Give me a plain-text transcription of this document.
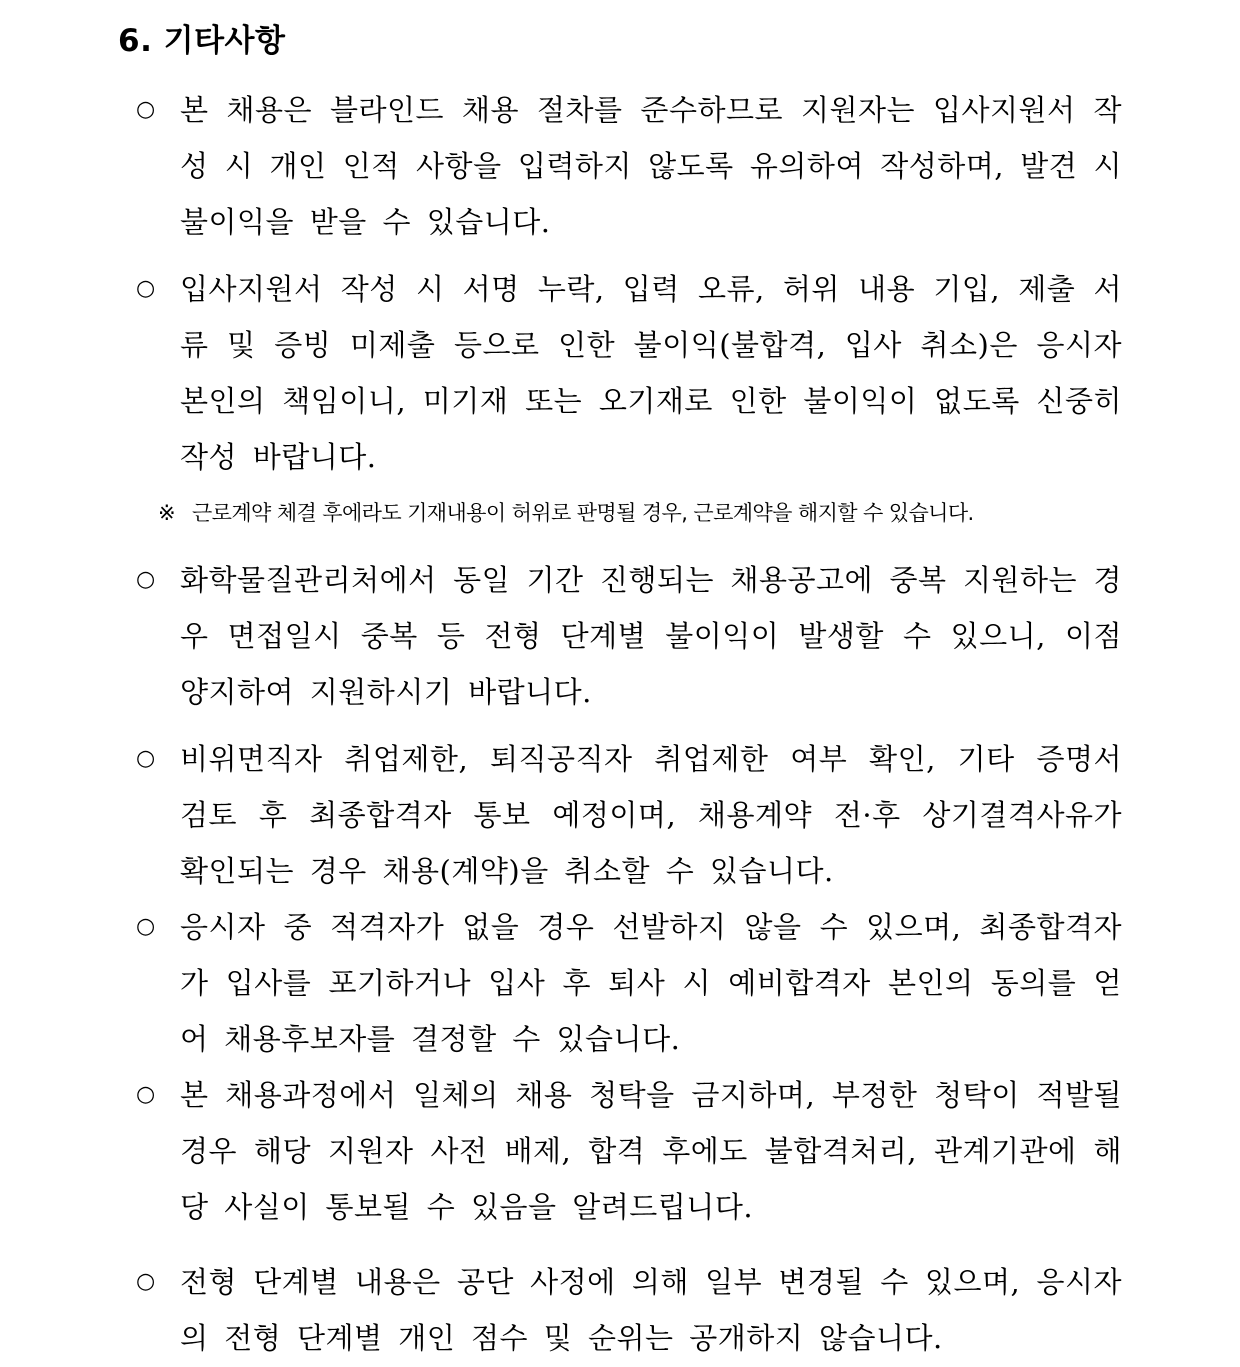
6. 기타사항
○ 본 채용은 블라인드 채용 절차를 준수하므로 지원자는 입사지원서 작성 시 개인 인적 사항을 입력하지 않도록 유의하여 작성하며, 발견 시 불이익을 받을 수 있습니다.

○ 입사지원서 작성 시 서명 누락, 입력 오류, 허위 내용 기입, 제출 서류 및 증빙 미제출 등으로 인한 불이익(불합격, 입사 취소)은 응시자 본인의 책임이니, 미기재 또는 오기재로 인한 불이익이 없도록 신중히 작성 바랍니다.

※ 근로계약 체결 후에라도 기재내용이 허위로 판명될 경우, 근로계약을 해지할 수 있습니다.
○ 화학물질관리처에서 동일 기간 진행되는 채용공고에 중복 지원하는 경우 면접일시 중복 등 전형 단계별 불이익이 발생할 수 있으니, 이점 양지하여 지원하시기 바랍니다.

○ 비위면직자 취업제한, 퇴직공직자 취업제한 여부 확인, 기타 증명서 검토 후 최종합격자 통보 예정이며, 채용계약 전·후 상기결격사유가 확인되는 경우 채용(계약)을 취소할 수 있습니다.

○ 응시자 중 적격자가 없을 경우 선발하지 않을 수 있으며, 최종합격자가 입사를 포기하거나 입사 후 퇴사 시 예비합격자 본인의 동의를 얻어 채용후보자를 결정할 수 있습니다.

○ 본 채용과정에서 일체의 채용 청탁을 금지하며, 부정한 청탁이 적발될 경우 해당 지원자 사전 배제, 합격 후에도 불합격처리, 관계기관에 해당 사실이 통보될 수 있음을 알려드립니다.

○ 전형 단계별 내용은 공단 사정에 의해 일부 변경될 수 있으며, 응시자의 전형 단계별 개인 점수 및 순위는 공개하지 않습니다.
